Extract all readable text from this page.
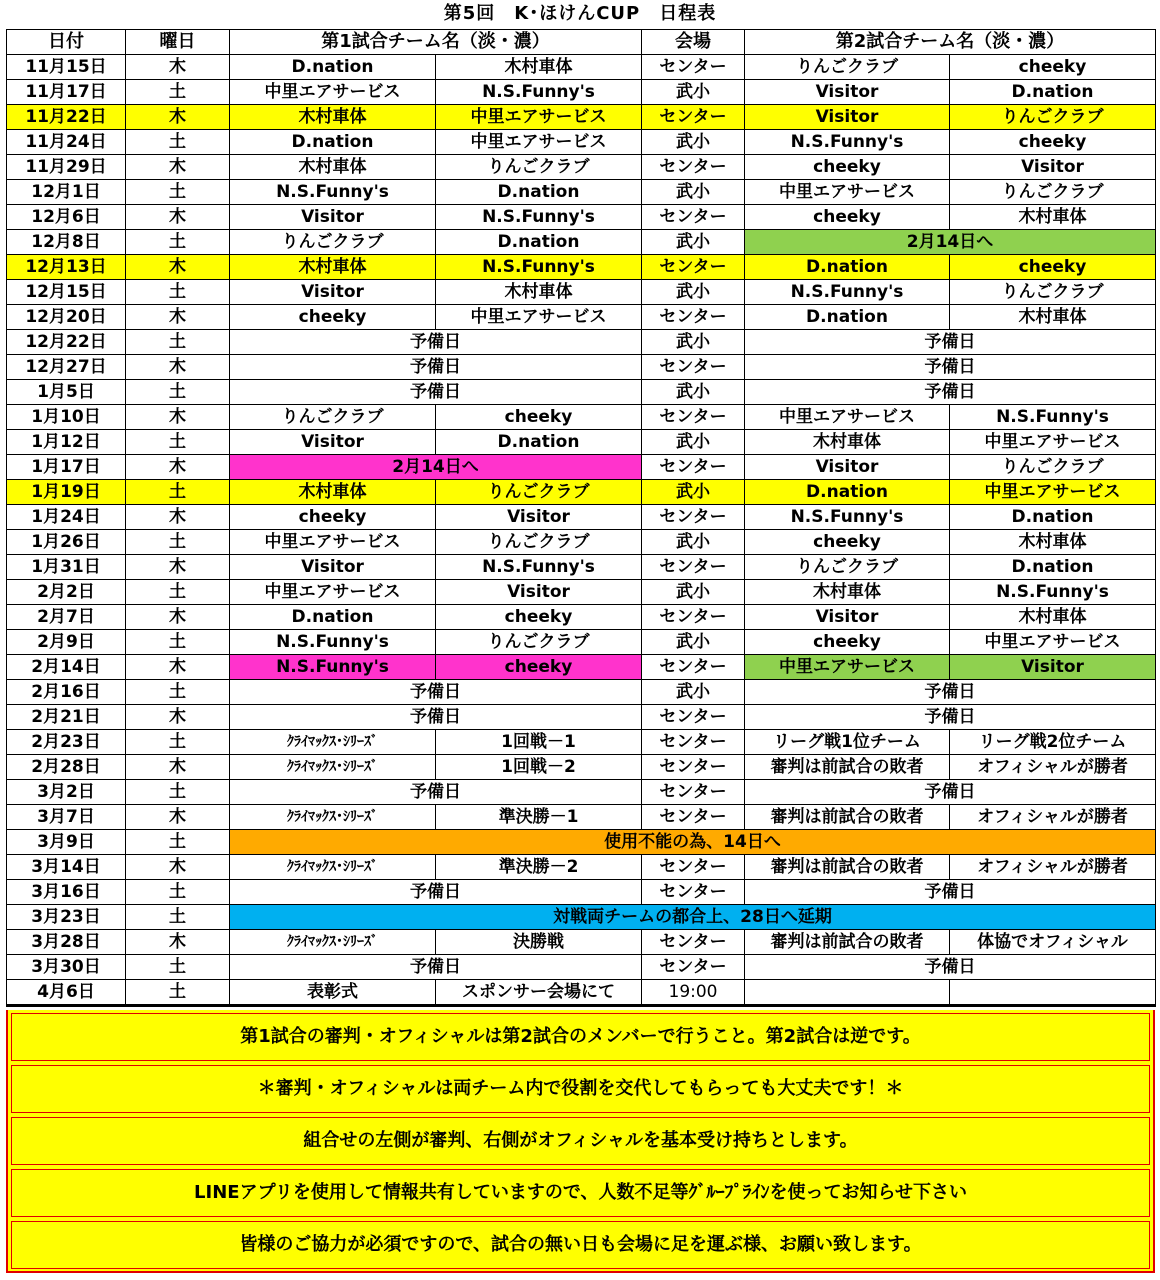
第5回　K･ほけんCUP　日程表
日付	曜日	第1試合チーム名（淡・濃）		会場	第2試合チーム名（淡・濃）	
11月15日	木	D.nation	木村車体	センター	りんごクラブ	cheeky
11月17日	土	中里エアサービス	N.S.Funny's	武小	Visitor	D.nation
11月22日	木	木村車体	中里エアサービス	センター	Visitor	りんごクラブ
11月24日	土	D.nation	中里エアサービス	武小	N.S.Funny's	cheeky
11月29日	木	木村車体	りんごクラブ	センター	cheeky	Visitor
12月1日	土	N.S.Funny's	D.nation	武小	中里エアサービス	りんごクラブ
12月6日	木	Visitor	N.S.Funny's	センター	cheeky	木村車体
12月8日	土	りんごクラブ	D.nation	武小	2月14日へ	
12月13日	木	木村車体	N.S.Funny's	センター	D.nation	cheeky
12月15日	土	Visitor	木村車体	武小	N.S.Funny's	りんごクラブ
12月20日	木	cheeky	中里エアサービス	センター	D.nation	木村車体
12月22日	土	予備日		武小	予備日	
12月27日	木	予備日		センター	予備日	
1月5日	土	予備日		武小	予備日	
1月10日	木	りんごクラブ	cheeky	センター	中里エアサービス	N.S.Funny's
1月12日	土	Visitor	D.nation	武小	木村車体	中里エアサービス
1月17日	木	2月14日へ		センター	Visitor	りんごクラブ
1月19日	土	木村車体	りんごクラブ	武小	D.nation	中里エアサービス
1月24日	木	cheeky	Visitor	センター	N.S.Funny's	D.nation
1月26日	土	中里エアサービス	りんごクラブ	武小	cheeky	木村車体
1月31日	木	Visitor	N.S.Funny's	センター	りんごクラブ	D.nation
2月2日	土	中里エアサービス	Visitor	武小	木村車体	N.S.Funny's
2月7日	木	D.nation	cheeky	センター	Visitor	木村車体
2月9日	土	N.S.Funny's	りんごクラブ	武小	cheeky	中里エアサービス
2月14日	木	N.S.Funny's	cheeky	センター	中里エアサービス	Visitor
2月16日	土	予備日		武小	予備日	
2月21日	木	予備日		センター	予備日	
2月23日	土	ｸﾗｲﾏｯｸｽ･ｼﾘｰｽﾞ	1回戦－1	センター	リーグ戦1位チーム	リーグ戦2位チーム
2月28日	木	ｸﾗｲﾏｯｸｽ･ｼﾘｰｽﾞ	1回戦－2	センター	審判は前試合の敗者	オフィシャルが勝者
3月2日	土	予備日		センター	予備日	
3月7日	木	ｸﾗｲﾏｯｸｽ･ｼﾘｰｽﾞ	準決勝－1	センター	審判は前試合の敗者	オフィシャルが勝者
3月9日	土	使用不能の為、14日へ				
3月14日	木	ｸﾗｲﾏｯｸｽ･ｼﾘｰｽﾞ	準決勝－2	センター	審判は前試合の敗者	オフィシャルが勝者
3月16日	土	予備日		センター	予備日	
3月23日	土	対戦両チームの都合上、28日へ延期				
3月28日	木	ｸﾗｲﾏｯｸｽ･ｼﾘｰｽﾞ	決勝戦	センター	審判は前試合の敗者	体協でオフィシャル
3月30日	土	予備日		センター	予備日	
4月6日	土	表彰式	スポンサー会場にて	19:00		
第1試合の審判・オフィシャルは第2試合のメンバーで行うこと。第2試合は逆です。
＊審判・オフィシャルは両チーム内で役割を交代してもらっても大丈夫です！＊
組合せの左側が審判、右側がオフィシャルを基本受け持ちとします。
LINEアプリを使用して情報共有していますので、人数不足等ｸﾞﾙｰﾌﾟﾗｲﾝを使ってお知らせ下さい
皆様のご協力が必須ですので、試合の無い日も会場に足を運ぶ様、お願い致します。
